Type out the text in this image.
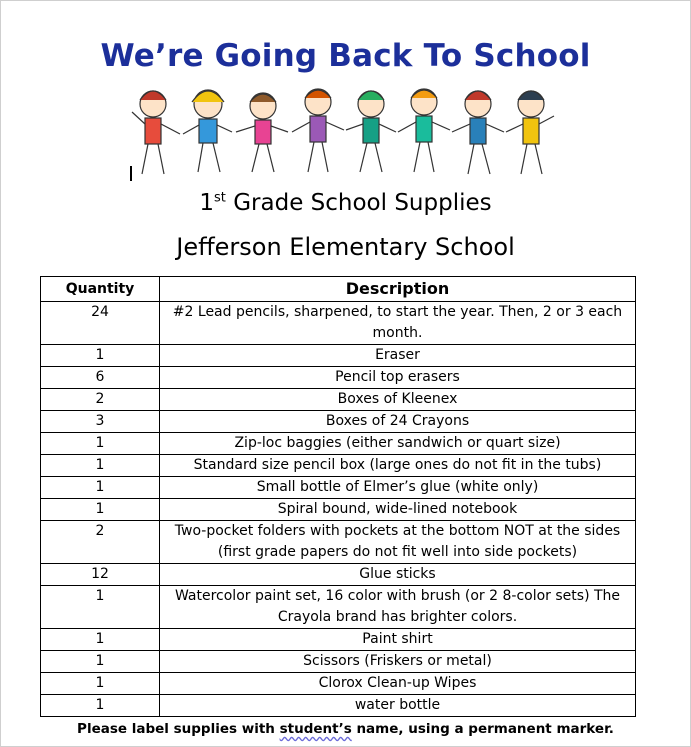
We’re Going Back To School
1st Grade School Supplies
Jefferson Elementary School
Quantity	Description
24	#2 Lead pencils, sharpened, to start the year. Then, 2 or 3 each month.
1	Eraser
6	Pencil top erasers
2	Boxes of Kleenex
3	Boxes of 24 Crayons
1	Zip-loc baggies (either sandwich or quart size)
1	Standard size pencil box (large ones do not fit in the tubs)
1	Small bottle of Elmer’s glue (white only)
1	Spiral bound, wide-lined notebook
2	Two-pocket folders with pockets at the bottom NOT at the sides (first grade papers do not fit well into side pockets)
12	Glue sticks
1	Watercolor paint set, 16 color with brush (or 2 8-color sets) The Crayola brand has brighter colors.
1	Paint shirt
1	Scissors (Friskers or metal)
1	Clorox Clean-up Wipes
1	water bottle
Please label supplies with student’s name, using a permanent marker.
